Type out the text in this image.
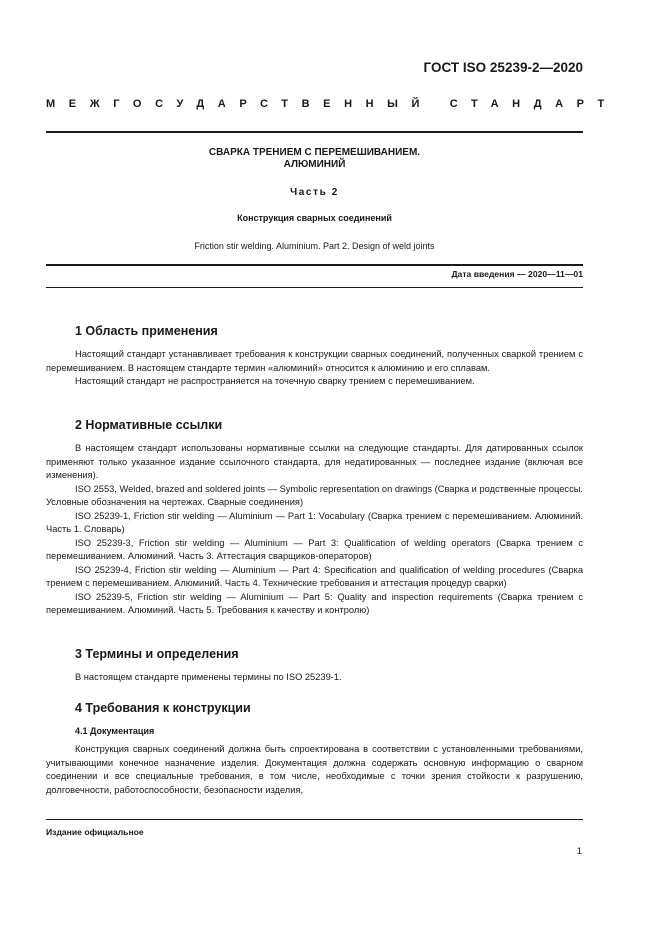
ГОСТ ISO 25239-2—2020
МЕЖГОСУДАРСТВЕННЫЙ СТАНДАРТ
СВАРКА ТРЕНИЕМ С ПЕРЕМЕШИВАНИЕМ.
АЛЮМИНИЙ
Часть 2
Конструкция сварных соединений
Friction stir welding. Aluminium. Part 2. Design of weld joints
Дата введения — 2020—11—01
1 Область применения

Настоящий стандарт устанавливает требования к конструкции сварных соединений, полученных сваркой трением с перемешиванием. В настоящем стандарте термин «алюминий» относится к алюминию и его сплавам.

Настоящий стандарт не распространяется на точечную сварку трением с перемешиванием.

2 Нормативные ссылки

В настоящем стандарт использованы нормативные ссылки на следующие стандарты. Для датированных ссылок применяют только указанное издание ссылочного стандарта, для недатированных — последнее издание (включая все изменения).

ISO 2553, Welded, brazed and soldered joints — Symbolic representation on drawings (Сварка и родственные процессы. Условные обозначения на чертежах. Сварные соединения)

ISO 25239-1, Friction stir welding — Aluminium — Part 1: Vocabulary (Сварка трением с перемешиванием. Алюминий. Часть 1. Словарь)

ISO 25239-3, Friction stir welding — Aluminium — Part 3: Qualification of welding operators (Сварка трением с перемешиванием. Алюминий. Часть 3. Аттестация сварщиков-операторов)

ISO 25239-4, Friction stir welding — Aluminium — Part 4: Specification and qualification of welding procedures (Сварка трением с перемешиванием. Алюминий. Часть 4. Технические требования и аттестация процедур сварки)

ISO 25239-5, Friction stir welding — Aluminium — Part 5: Quality and inspection requirements (Сварка трением с перемешиванием. Алюминий. Часть 5. Требования к качеству и контролю)

3 Термины и определения

В настоящем стандарте применены термины по ISO 25239-1.

4 Требования к конструкции
4.1 Документация

Конструкция сварных соединений должна быть спроектирована в соответствии с установленными требованиями, учитывающими конечное назначение изделия. Документация должна содержать основную информацию о сварном соединении и все специальные требования, в том числе, необходимые с точки зрения стойкости к разрушению, долговечности, работоспособности, безопасности изделия,

Издание официальное
1
